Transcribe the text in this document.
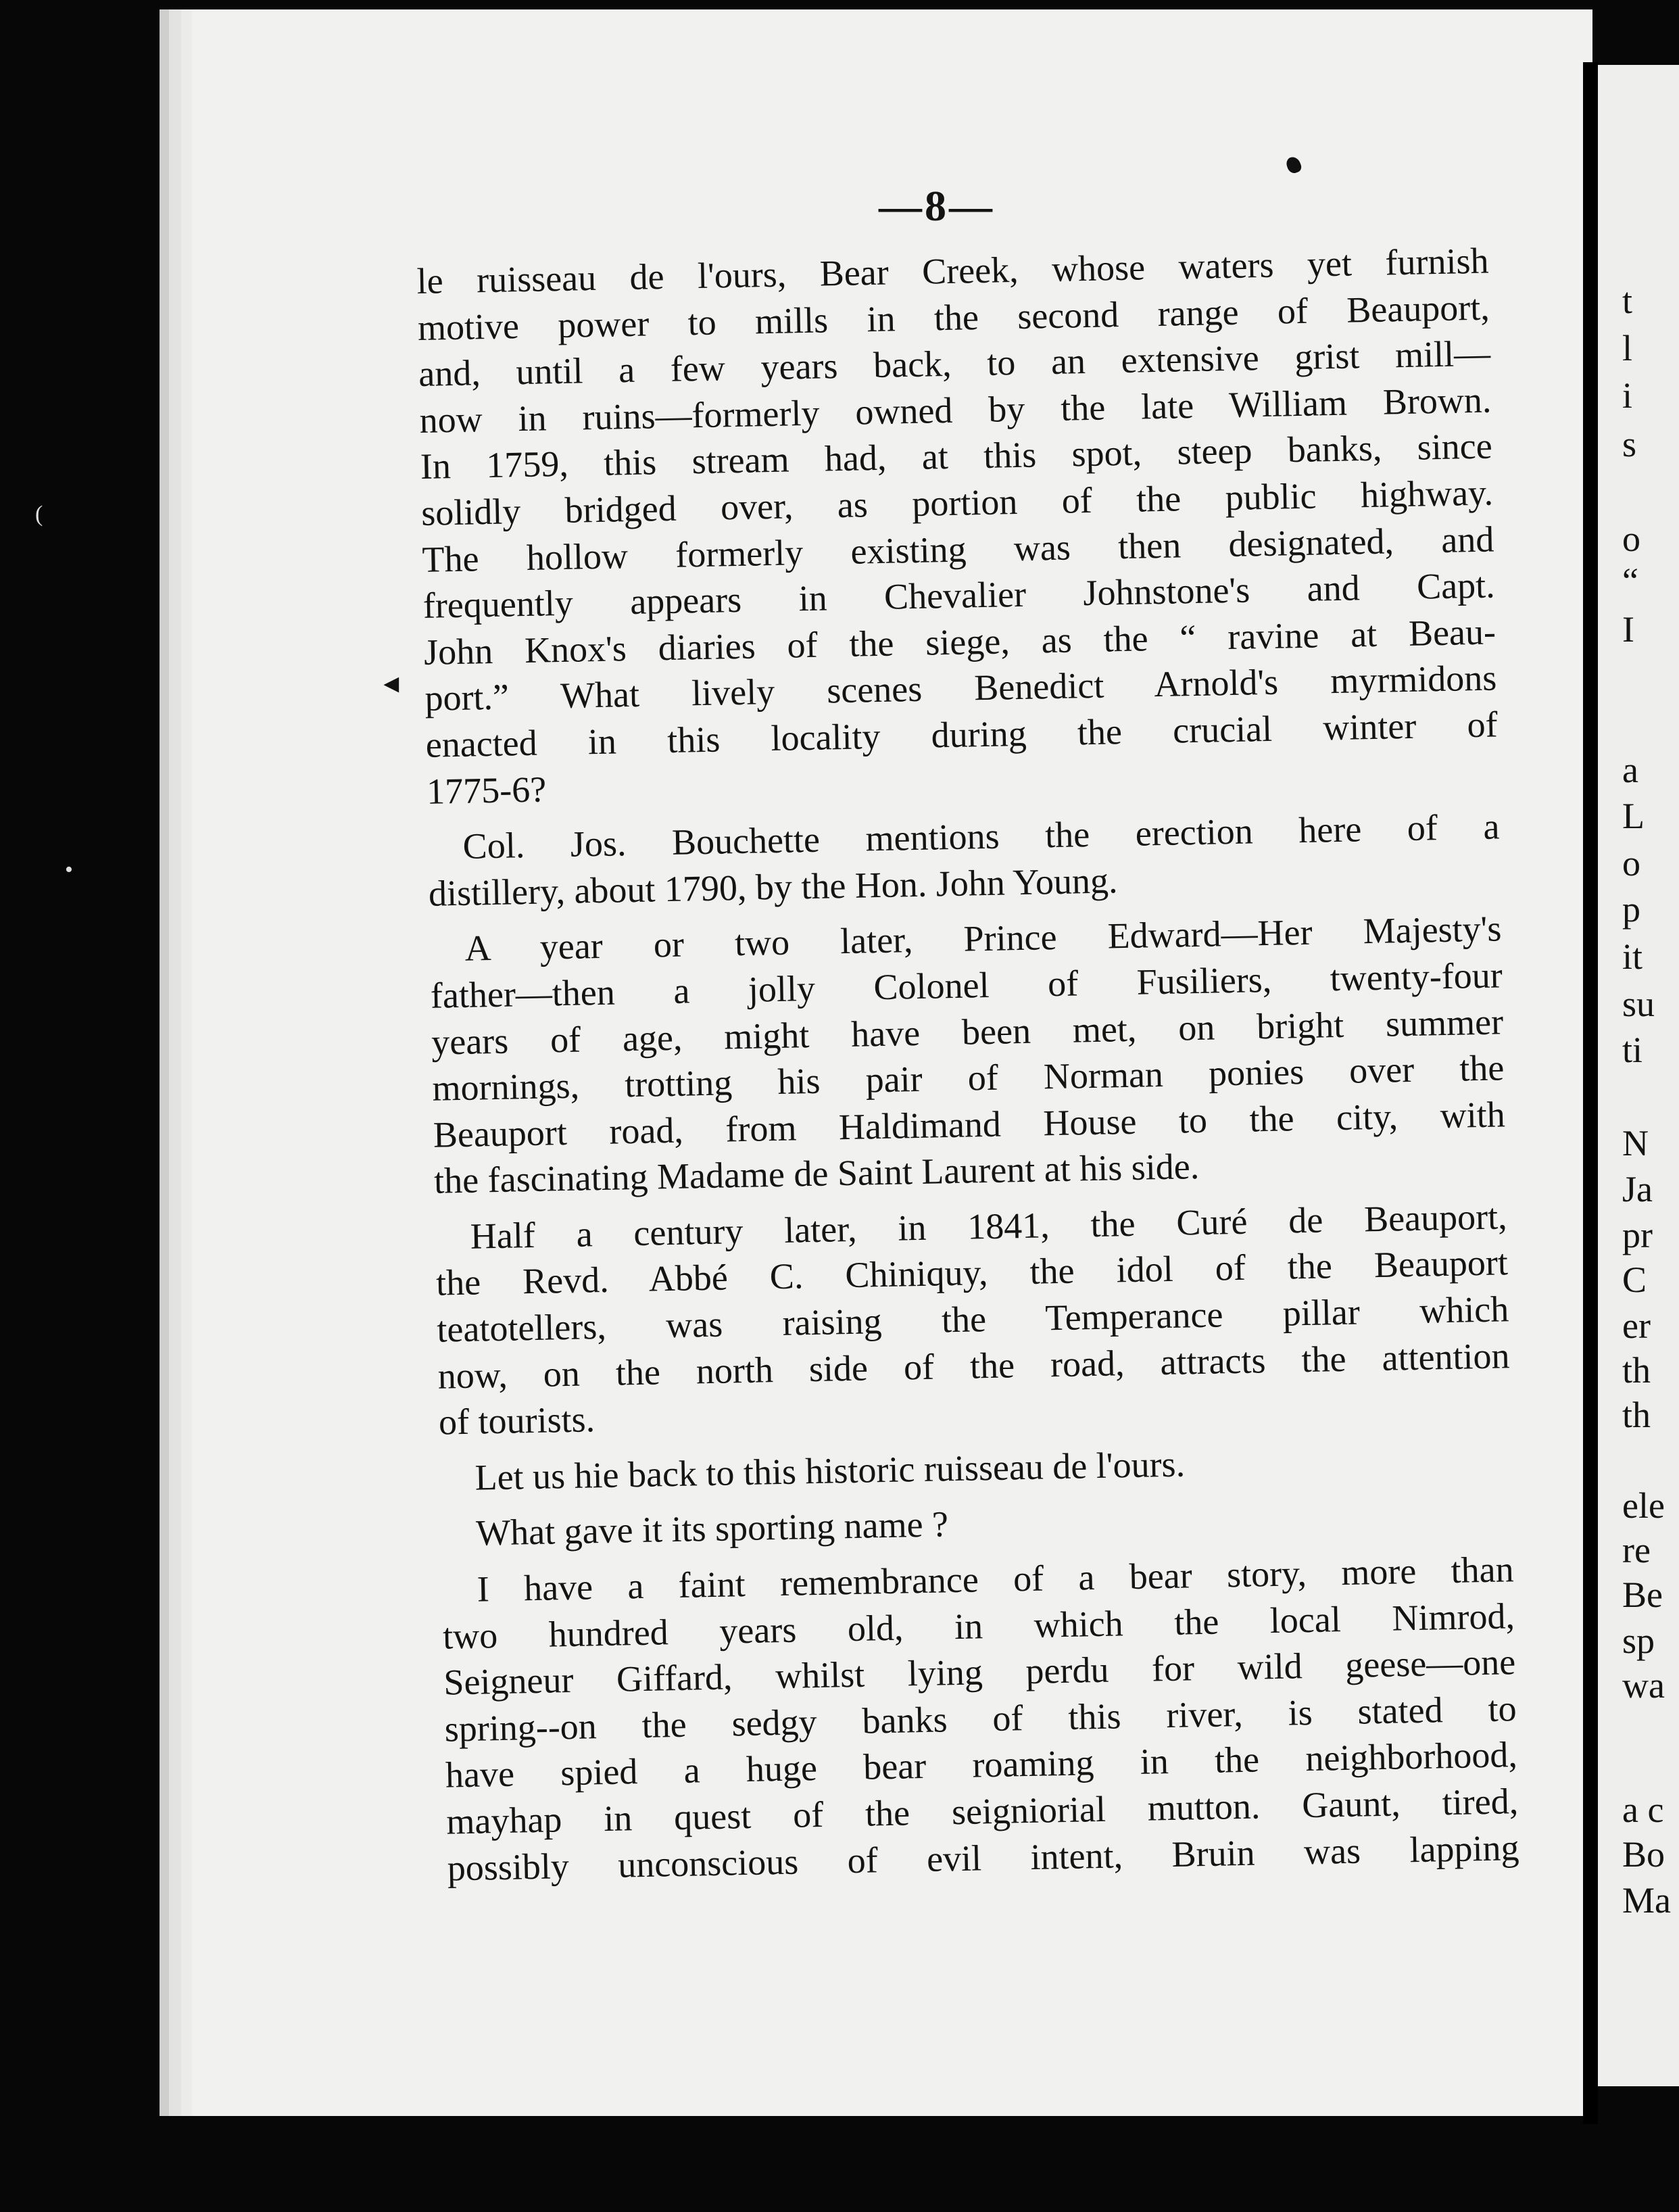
t
l
i
s
o
“
I
a
L
o
p
it
su
ti
N
Ja
pr
C
er
th
th
ele
re
Be
sp
wa
a c
Bo
Ma
(
•
—8—
◄

le ruisseau de l'ours, Bear Creek, whose waters yet furnish
motive power to mills in the second range of Beauport,
and, until a few years back, to an extensive grist mill—
now in ruins—formerly owned by the late William Brown.
In 1759, this stream had, at this spot, steep banks, since
solidly bridged over, as portion of the public highway.
The hollow formerly existing was then designated, and
frequently appears in Chevalier Johnstone's and Capt.
John Knox's diaries of the siege, as the “ ravine at Beau-
port.” What lively scenes Benedict Arnold's myrmidons
enacted in this locality during the crucial winter of
1775-6?

Col. Jos. Bouchette mentions the erection here of a
distillery, about 1790, by the Hon. John Young.

A year or two later, Prince Edward—Her Majesty's
father—then a jolly Colonel of Fusiliers, twenty-four
years of age, might have been met, on bright summer
mornings, trotting his pair of Norman ponies over the
Beauport road, from Haldimand House to the city, with
the fascinating Madame de Saint Laurent at his side.

Half a century later, in 1841, the Curé de Beauport,
the Revd. Abbé C. Chiniquy, the idol of the Beauport
teatotellers, was raising the Temperance pillar which
now, on the north side of the road, attracts the attention
of tourists.

Let us hie back to this historic ruisseau de l'ours.

What gave it its sporting name ?

I have a faint remembrance of a bear story, more than
two hundred years old, in which the local Nimrod,
Seigneur Giffard, whilst lying perdu for wild geese—one
spring--on the sedgy banks of this river, is stated to
have spied a huge bear roaming in the neighborhood,
mayhap in quest of the seigniorial mutton. Gaunt, tired,
possibly unconscious of evil intent, Bruin was lapping
